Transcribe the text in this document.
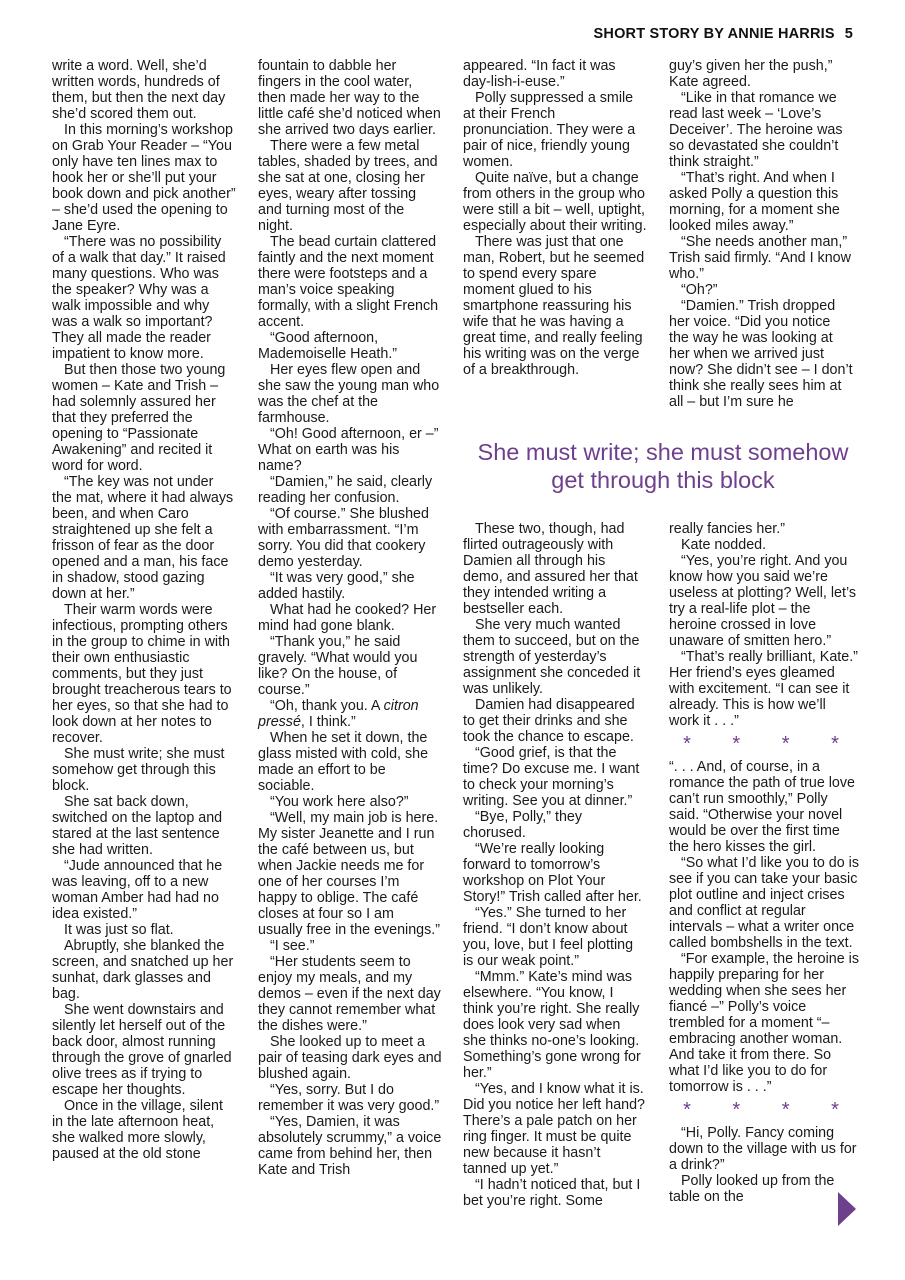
SHORT STORY BY ANNIE HARRIS 5

write a word. Well, she’d written words, hundreds of them, but then the next day she’d scored them out.

In this morning’s workshop on Grab Your Reader – “You only have ten lines max to hook her or she’ll put your book down and pick another” – she’d used the opening to Jane Eyre.

“There was no possibility of a walk that day.” It raised many questions. Who was the speaker? Why was a walk impossible and why was a walk so important? They all made the reader impatient to know more.

But then those two young women – Kate and Trish – had solemnly assured her that they preferred the opening to “Passionate Awakening” and recited it word for word.

“The key was not under the mat, where it had always been, and when Caro straightened up she felt a frisson of fear as the door opened and a man, his face in shadow, stood gazing down at her.”

Their warm words were infectious, prompting others in the group to chime in with their own enthusiastic comments, but they just brought treacherous tears to her eyes, so that she had to look down at her notes to recover.

She must write; she must somehow get through this block.

She sat back down, switched on the laptop and stared at the last sentence she had written.

“Jude announced that he was leaving, off to a new woman Amber had had no idea existed.”

It was just so flat.

Abruptly, she blanked the screen, and snatched up her sunhat, dark glasses and bag.

She went downstairs and silently let herself out of the back door, almost running through the grove of gnarled olive trees as if trying to escape her thoughts.

Once in the village, silent in the late afternoon heat, she walked more slowly, paused at the old stone

fountain to dabble her fingers in the cool water, then made her way to the little café she’d noticed when she arrived two days earlier.

There were a few metal tables, shaded by trees, and she sat at one, closing her eyes, weary after tossing and turning most of the night.

The bead curtain clattered faintly and the next moment there were footsteps and a man’s voice speaking formally, with a slight French accent.

“Good afternoon, Mademoiselle Heath.”

Her eyes flew open and she saw the young man who was the chef at the farmhouse.

“Oh! Good afternoon, er –” What on earth was his name?

“Damien,” he said, clearly reading her confusion.

“Of course.” She blushed with embarrassment. “I’m sorry. You did that cookery demo yesterday.

“It was very good,” she added hastily.

What had he cooked? Her mind had gone blank.

“Thank you,” he said gravely. “What would you like? On the house, of course.”

“Oh, thank you. A citron pressé, I think.”

When he set it down, the glass misted with cold, she made an effort to be sociable.

“You work here also?”

“Well, my main job is here. My sister Jeanette and I run the café between us, but when Jackie needs me for one of her courses I’m happy to oblige. The café closes at four so I am usually free in the evenings.”

“I see.”

“Her students seem to enjoy my meals, and my demos – even if the next day they cannot remember what the dishes were.”

She looked up to meet a pair of teasing dark eyes and blushed again.

“Yes, sorry. But I do remember it was very good.”

“Yes, Damien, it was absolutely scrummy,” a voice came from behind her, then Kate and Trish

appeared. “In fact it was day-lish-i-euse.”

Polly suppressed a smile at their French pronunciation. They were a pair of nice, friendly young women.

Quite naïve, but a change from others in the group who were still a bit – well, uptight, especially about their writing.

There was just that one man, Robert, but he seemed to spend every spare moment glued to his smartphone reassuring his wife that he was having a great time, and really feeling his writing was on the verge of a breakthrough.

guy’s given her the push,” Kate agreed.

“Like in that romance we read last week – ‘Love’s Deceiver’. The heroine was so devastated she couldn’t think straight.”

“That’s right. And when I asked Polly a question this morning, for a moment she looked miles away.”

“She needs another man,” Trish said firmly. “And I know who.”

“Oh?”

“Damien.” Trish dropped her voice. “Did you notice the way he was looking at her when we arrived just now? She didn’t see – I don’t think she really sees him at all – but I’m sure he

She must write; she must somehow get through this block

These two, though, had flirted outrageously with Damien all through his demo, and assured her that they intended writing a bestseller each.

She very much wanted them to succeed, but on the strength of yesterday’s assignment she conceded it was unlikely.

Damien had disappeared to get their drinks and she took the chance to escape.

“Good grief, is that the time? Do excuse me. I want to check your morning’s writing. See you at dinner.”

“Bye, Polly,” they chorused.

“We’re really looking forward to tomorrow’s workshop on Plot Your Story!” Trish called after her.

“Yes.” She turned to her friend. “I don’t know about you, love, but I feel plotting is our weak point.”

“Mmm.” Kate’s mind was elsewhere. “You know, I think you’re right. She really does look very sad when she thinks no-one’s looking. Something’s gone wrong for her.”

“Yes, and I know what it is. Did you notice her left hand? There’s a pale patch on her ring finger. It must be quite new because it hasn’t tanned up yet.”

“I hadn’t noticed that, but I bet you’re right. Some

really fancies her.”

Kate nodded.

“Yes, you’re right. And you know how you said we’re useless at plotting? Well, let’s try a real-life plot – the heroine crossed in love unaware of smitten hero.”

“That’s really brilliant, Kate.” Her friend’s eyes gleamed with excitement. “I can see it already. This is how we’ll work it . . .”

* * * *

“. . . And, of course, in a romance the path of true love can’t run smoothly,” Polly said. “Otherwise your novel would be over the first time the hero kisses the girl.

“So what I’d like you to do is see if you can take your basic plot outline and inject crises and conflict at regular intervals – what a writer once called bombshells in the text.

“For example, the heroine is happily preparing for her wedding when she sees her fiancé –” Polly’s voice trembled for a moment “– embracing another woman. And take it from there. So what I’d like you to do for tomorrow is . . .”

* * * *

“Hi, Polly. Fancy coming down to the village with us for a drink?”

Polly looked up from the table on the
